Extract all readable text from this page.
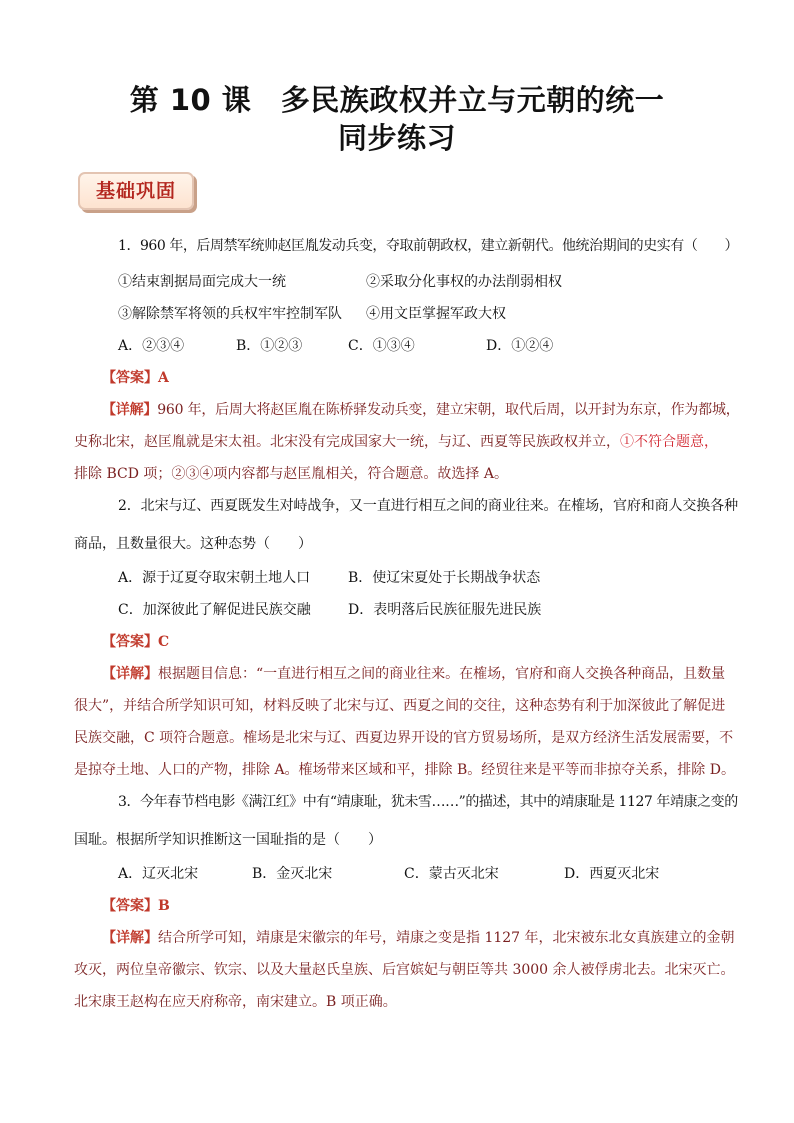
第 10 课　多民族政权并立与元朝的统一
同步练习
基础巩固
1．960 年，后周禁军统帅赵匡胤发动兵变，夺取前朝政权，建立新朝代。他统治期间的史实有（　　）
①结束割据局面完成大一统	②采取分化事权的办法削弱相权
③解除禁军将领的兵权牢牢控制军队 ④用文臣掌握军政大权
A．②③④	B．①②③	C．①③④	D．①②④
【答案】A
【详解】960 年，后周大将赵匡胤在陈桥驿发动兵变，建立宋朝，取代后周，以开封为东京，作为都城，
史称北宋，赵匡胤就是宋太祖。北宋没有完成国家大一统，与辽、西夏等民族政权并立，①不符合题意，
排除 BCD 项；②③④项内容都与赵匡胤相关，符合题意。故选择 A。
2．北宋与辽、西夏既发生对峙战争，又一直进行相互之间的商业往来。在榷场，官府和商人交换各种
商品，且数量很大。这种态势（　　）
A．源于辽夏夺取宋朝土地人口	B．使辽宋夏处于长期战争状态
C．加深彼此了解促进民族交融	D．表明落后民族征服先进民族
【答案】C
【详解】根据题目信息：“一直进行相互之间的商业往来。在榷场，官府和商人交换各种商品，且数量
很大”，并结合所学知识可知，材料反映了北宋与辽、西夏之间的交往，这种态势有利于加深彼此了解促进
民族交融，C 项符合题意。榷场是北宋与辽、西夏边界开设的官方贸易场所，是双方经济生活发展需要，不
是掠夺土地、人口的产物，排除 A。榷场带来区域和平，排除 B。经贸往来是平等而非掠夺关系，排除 D。
3．今年春节档电影《满江红》中有“靖康耻，犹未雪……”的描述，其中的靖康耻是 1127 年靖康之变的
国耻。根据所学知识推断这一国耻指的是（　　）
A．辽灭北宋	B．金灭北宋	C．蒙古灭北宋	D．西夏灭北宋
【答案】B
【详解】结合所学可知，靖康是宋徽宗的年号，靖康之变是指 1127 年，北宋被东北女真族建立的金朝
攻灭，两位皇帝徽宗、钦宗、以及大量赵氏皇族、后宫嫔妃与朝臣等共 3000 余人被俘虏北去。北宋灭亡。
北宋康王赵构在应天府称帝，南宋建立。B 项正确。
